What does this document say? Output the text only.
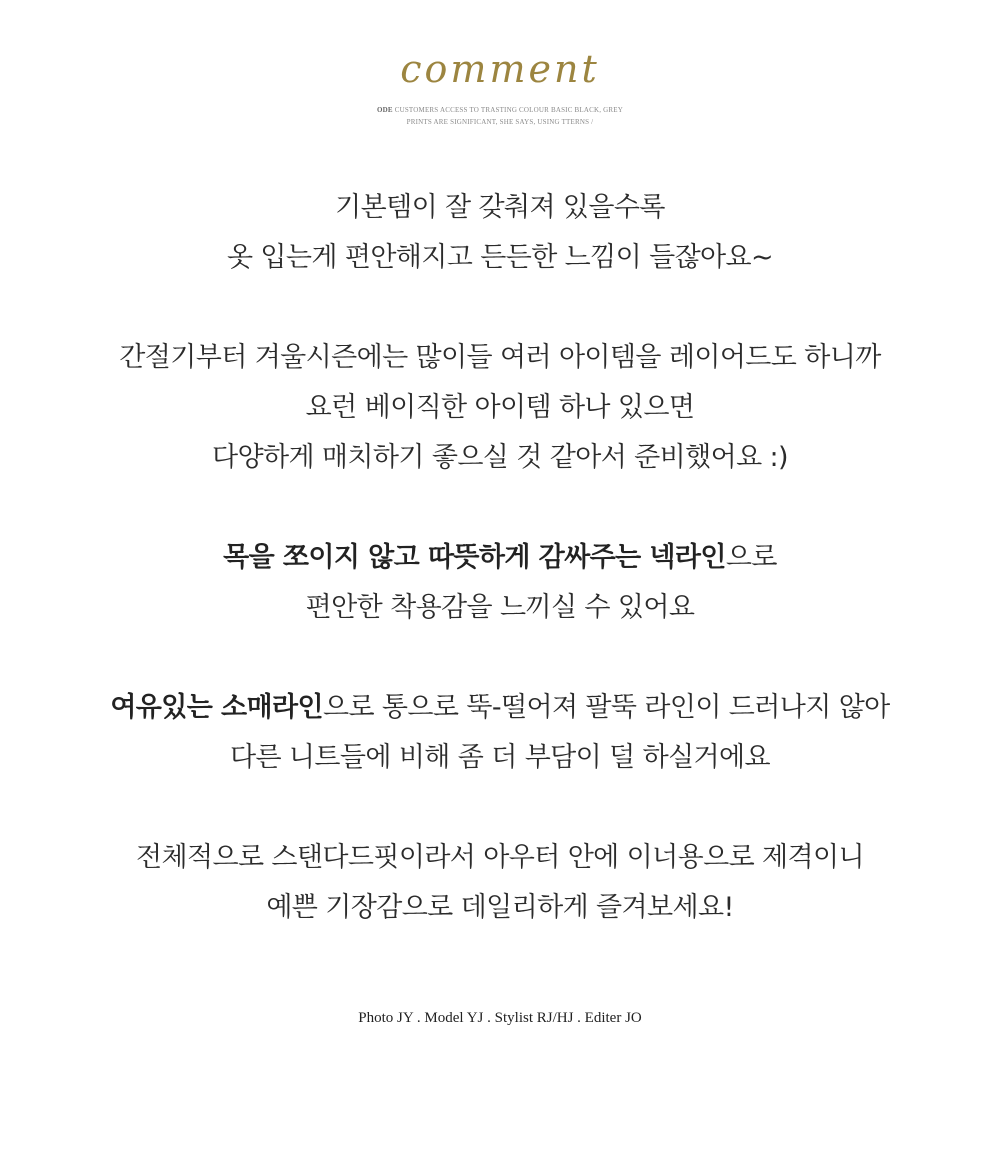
comment
ODE CUSTOMERS ACCESS TO TRASTING COLOUR BASIC BLACK, GREY
PRINTS ARE SIGNIFICANT, SHE SAYS, USING TTERNS /
기본템이 잘 갖춰져 있을수록
옷 입는게 편안해지고 든든한 느낌이 들잖아요~
간절기부터 겨울시즌에는 많이들 여러 아이템을 레이어드도 하니까
요런 베이직한 아이템 하나 있으면
다양하게 매치하기 좋으실 것 같아서 준비했어요 :)
목을 쪼이지 않고 따뜻하게 감싸주는 넥라인으로
편안한 착용감을 느끼실 수 있어요
여유있는 소매라인으로 통으로 뚝-떨어져 팔뚝 라인이 드러나지 않아
다른 니트들에 비해 좀 더 부담이 덜 하실거에요
전체적으로 스탠다드핏이라서 아우터 안에 이너용으로 제격이니
예쁜 기장감으로 데일리하게 즐겨보세요!
Photo JY . Model YJ . Stylist RJ/HJ . Editer JO
